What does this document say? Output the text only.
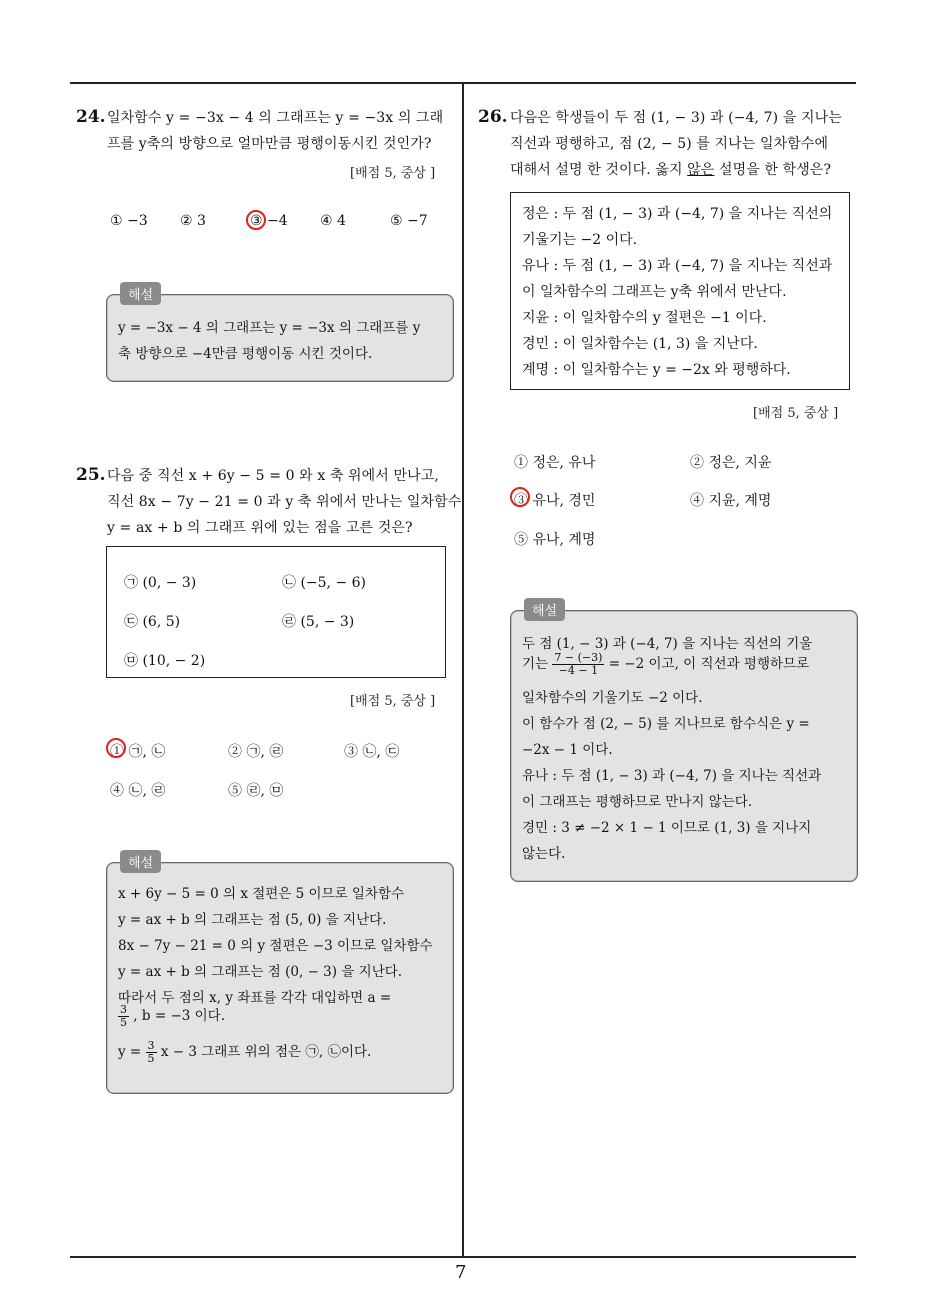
7
24. 일차함수 y = −3x − 4 의 그래프는 y = −3x 의 그래
프를 y축의 방향으로 얼마만큼 평행이동시킨 것인가?
[배점 5, 중상 ]
① −3 ② 3	③ −4 ④ 4	⑤ −7
해설
y = −3x − 4 의 그래프는 y = −3x 의 그래프를 y
축 방향으로 −4만큼 평행이동 시킨 것이다.
25. 다음 중 직선 x + 6y − 5 = 0 와 x 축 위에서 만나고,
직선 8x − 7y − 21 = 0 과 y 축 위에서 만나는 일차함수
y = ax + b 의 그래프 위에 있는 점을 고른 것은?
㉠ (0, − 3)	㉡ (−5, − 6)
㉢ (6, 5)	㉣ (5, − 3)
㉤ (10, − 2)
[배점 5, 중상 ]
① ㉠, ㉡	② ㉠, ㉣	③ ㉡, ㉢
④ ㉡, ㉣	⑤ ㉣, ㉤
해설
x + 6y − 5 = 0 의 x 절편은 5 이므로 일차함수
y = ax + b 의 그래프는 점 (5, 0) 을 지난다.
8x − 7y − 21 = 0 의 y 절편은 −3 이므로 일차함수
y = ax + b 의 그래프는 점 (0, − 3) 을 지난다.
따라서 두 점의 x, y 좌표를 각각 대입하면 a =
$\frac{3}{5}$ , b = −3 이다.
$y = \frac{3}{5}$ x − 3 그래프 위의 점은 ㉠, ㉡이다.
26. 다음은 학생들이 두 점 (1, − 3) 과 (−4, 7) 을 지나는
직선과 평행하고, 점 (2, − 5) 를 지나는 일차함수에
대해서 설명 한 것이다. 옳지 않은 설명을 한 학생은?
정은 : 두 점 (1, − 3) 과 (−4, 7) 을 지나는 직선의
기울기는 −2 이다.
유나 : 두 점 (1, − 3) 과 (−4, 7) 을 지나는 직선과
이 일차함수의 그래프는 y축 위에서 만난다.
지윤 : 이 일차함수의 y 절편은 −1 이다.
경민 : 이 일차함수는 (1, 3) 을 지난다.
계명 : 이 일차함수는 y = −2x 와 평행하다.
[배점 5, 중상 ]
① 정은, 유나	② 정은, 지윤
③ 유나, 경민	④ 지윤, 계명
⑤ 유나, 계명
해설
두 점 (1, − 3) 과 (−4, 7) 을 지나는 직선의 기울
기는 $\frac{7 - (-3)}{-4 - 1} = -2$ 이고, 이 직선과 평행하므로
일차함수의 기울기도 −2 이다.
이 함수가 점 (2, − 5) 를 지나므로 함수식은 y =
−2x − 1 이다.
유나 : 두 점 (1, − 3) 과 (−4, 7) 을 지나는 직선과
이 그래프는 평행하므로 만나지 않는다.
경민 : 3 ≠ −2 × 1 − 1 이므로 (1, 3) 을 지나지
않는다.
